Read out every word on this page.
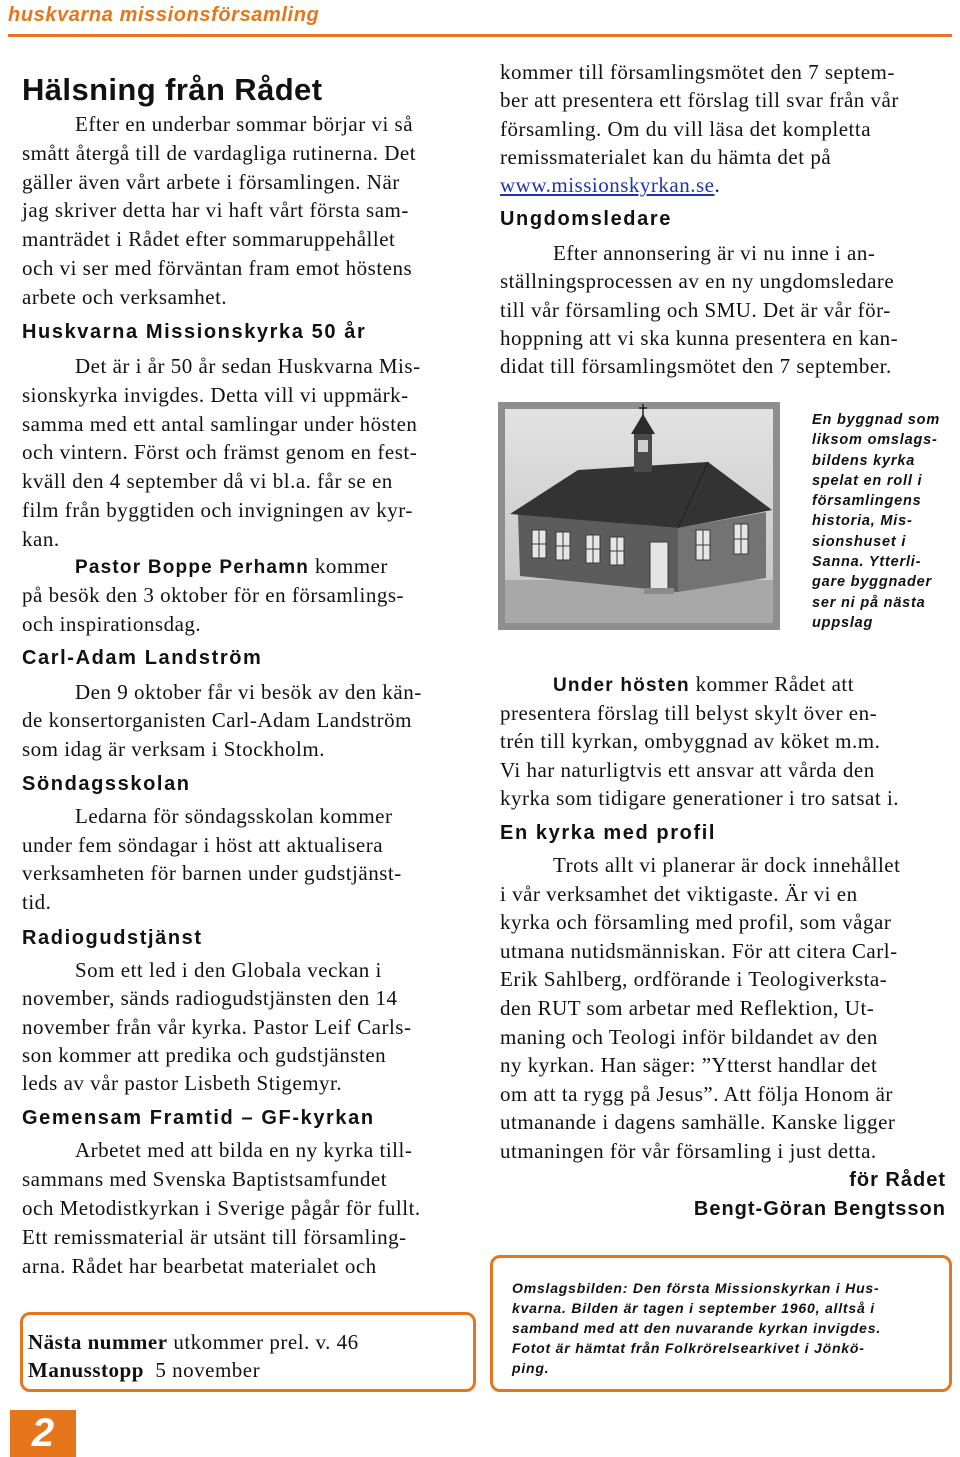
huskvarna missionsförsamling
Hälsning från Rådet
Efter en underbar sommar börjar vi så
smått återgå till de vardagliga rutinerna. Det
gäller även vårt arbete i församlingen. När
jag skriver detta har vi haft vårt första sam-
manträdet i Rådet efter sommaruppehållet
och vi ser med förväntan fram emot höstens
arbete och verksamhet.
Huskvarna Missionskyrka 50 år
Det är i år 50 år sedan Huskvarna Mis-
sionskyrka invigdes. Detta vill vi uppmärk-
samma med ett antal samlingar under hösten
och vintern. Först och främst genom en fest-
kväll den 4 september då vi bl.a. får se en
film från byggtiden och invigningen av kyr-
kan.
Pastor Boppe Perhamn kommer
på besök den 3 oktober för en församlings-
och inspirationsdag.
Carl-Adam Landström
Den 9 oktober får vi besök av den kän-
de konsertorganisten Carl-Adam Landström
som idag är verksam i Stockholm.
Söndagsskolan
Ledarna för söndagsskolan kommer
under fem söndagar i höst att aktualisera
verksamheten för barnen under gudstjänst-
tid.
Radiogudstjänst
Som ett led i den Globala veckan i
november, sänds radiogudstjänsten den 14
november från vår kyrka. Pastor Leif Carls-
son kommer att predika och gudstjänsten
leds av vår pastor Lisbeth Stigemyr.
Gemensam Framtid – GF-kyrkan
Arbetet med att bilda en ny kyrka till-
sammans med Svenska Baptistsamfundet
och Metodistkyrkan i Sverige pågår för fullt.
Ett remissmaterial är utsänt till församling-
arna. Rådet har bearbetat materialet och
Nästa nummer utkommer prel. v. 46
Manusstopp  5 november
2
kommer till församlingsmötet den 7 septem-
ber att presentera ett förslag till svar från vår
församling. Om du vill läsa det kompletta
remissmaterialet kan du hämta det på
www.missionskyrkan.se.
Ungdomsledare
Efter annonsering är vi nu inne i an-
ställningsprocessen av en ny ungdomsledare
till vår församling och SMU. Det är vår för-
hoppning att vi ska kunna presentera en kan-
didat till församlingsmötet den 7 september.
En byggnad som
liksom omslags-
bildens kyrka
spelat en roll i
församlingens
historia, Mis-
sionshuset i
Sanna. Ytterli-
gare byggnader
ser ni på nästa
uppslag
Under hösten kommer Rådet att
presentera förslag till belyst skylt över en-
trén till kyrkan, ombyggnad av köket m.m.
Vi har naturligtvis ett ansvar att vårda den
kyrka som tidigare generationer i tro satsat i.
En kyrka med profil
Trots allt vi planerar är dock innehållet
i vår verksamhet det viktigaste. Är vi en
kyrka och församling med profil, som vågar
utmana nutidsmänniskan. För att citera Carl-
Erik Sahlberg, ordförande i Teologiverksta-
den RUT som arbetar med Reflektion, Ut-
maning och Teologi inför bildandet av den
ny kyrkan. Han säger: ”Ytterst handlar det
om att ta rygg på Jesus”. Att följa Honom är
utmanande i dagens samhälle. Kanske ligger
utmaningen för vår församling i just detta.
för Rådet
Bengt-Göran Bengtsson
Omslagsbilden: Den första Missionskyrkan i Hus-
kvarna. Bilden är tagen i september 1960, alltså i
samband med att den nuvarande kyrkan invigdes.
Fotot är hämtat från Folkrörelsearkivet i Jönkö-
ping.
